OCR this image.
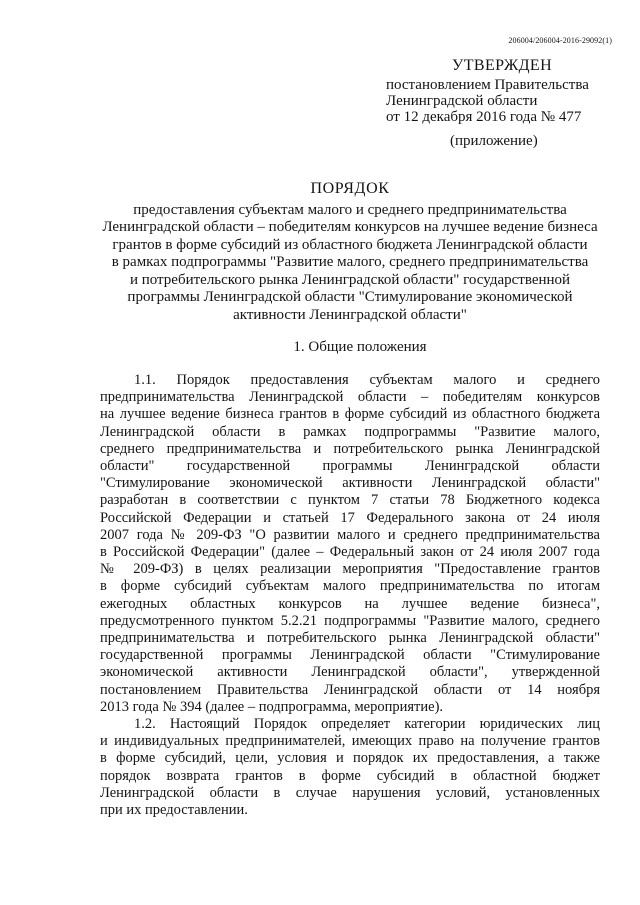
206004/206004-2016-29092(1)
УТВЕРЖДЕН
постановлением Правительства
Ленинградской области
от 12 декабря 2016 года № 477
(приложение)
ПОРЯДОК
предоставления субъектам малого и среднего предпринимательства
Ленинградской области – победителям конкурсов на лучшее ведение бизнеса
грантов в форме субсидий из областного бюджета Ленинградской области
в рамках подпрограммы "Развитие малого, среднего предпринимательства
и потребительского рынка Ленинградской области" государственной
программы Ленинградской области "Стимулирование экономической
активности Ленинградской области"
1. Общие положения
1.1. Порядок предоставления субъектам малого и среднего
предпринимательства Ленинградской области – победителям конкурсов
на лучшее ведение бизнеса грантов в форме субсидий из областного бюджета
Ленинградской области в рамках подпрограммы "Развитие малого,
среднего предпринимательства и потребительского рынка Ленинградской
области" государственной программы Ленинградской области
"Стимулирование экономической активности Ленинградской области"
разработан в соответствии с пунктом 7 статьи 78 Бюджетного кодекса
Российской Федерации и статьей 17 Федерального закона от 24 июля
2007 года № 209-ФЗ "О развитии малого и среднего предпринимательства
в Российской Федерации" (далее – Федеральный закон от 24 июля 2007 года
№ 209-ФЗ) в целях реализации мероприятия "Предоставление грантов
в форме субсидий субъектам малого предпринимательства по итогам
ежегодных областных конкурсов на лучшее ведение бизнеса",
предусмотренного пунктом 5.2.21 подпрограммы "Развитие малого, среднего
предпринимательства и потребительского рынка Ленинградской области"
государственной программы Ленинградской области "Стимулирование
экономической активности Ленинградской области", утвержденной
постановлением Правительства Ленинградской области от 14 ноября
2013 года № 394 (далее – подпрограмма, мероприятие).
1.2. Настоящий Порядок определяет категории юридических лиц
и индивидуальных предпринимателей, имеющих право на получение грантов
в форме субсидий, цели, условия и порядок их предоставления, а также
порядок возврата грантов в форме субсидий в областной бюджет
Ленинградской области в случае нарушения условий, установленных
при их предоставлении.
